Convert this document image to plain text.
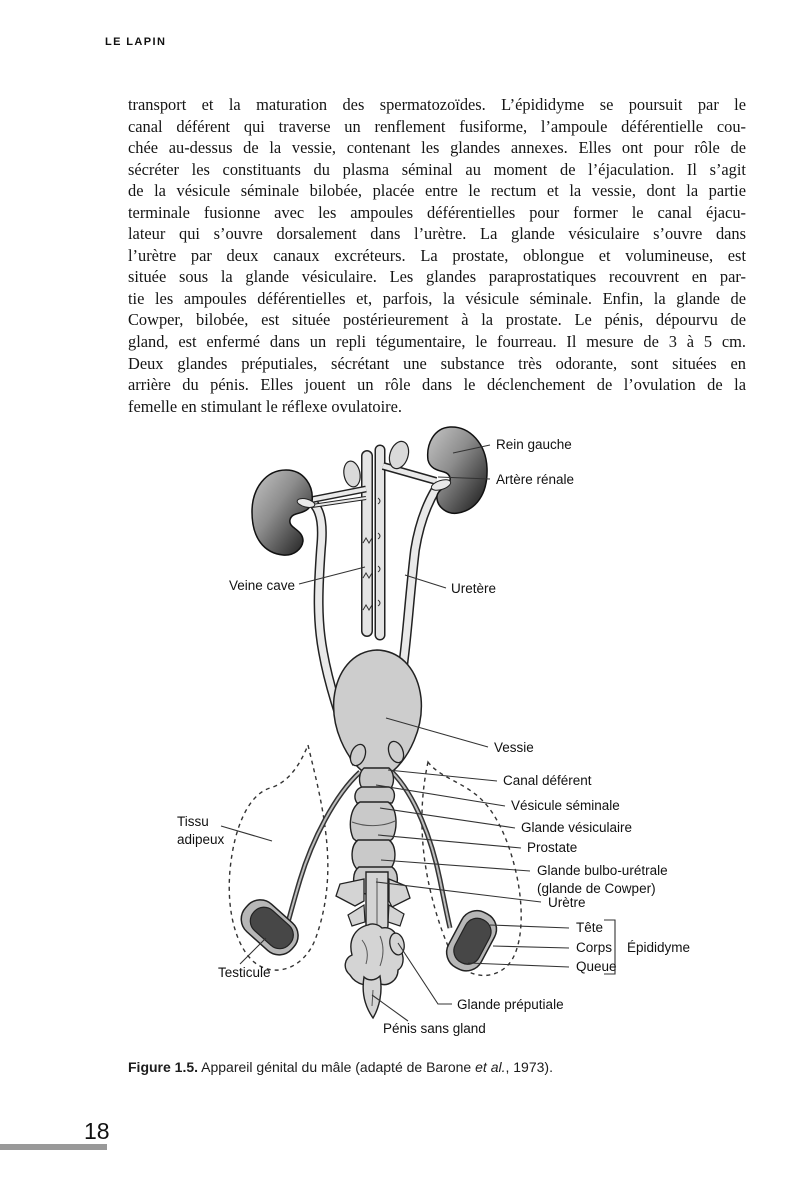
LE LAPIN
transport et la maturation des spermatozoïdes. L’épididyme se poursuit par le
canal déférent qui traverse un renflement fusiforme, l’ampoule déférentielle cou-
chée au-dessus de la vessie, contenant les glandes annexes. Elles ont pour rôle de
sécréter les constituants du plasma séminal au moment de l’éjaculation. Il s’agit
de la vésicule séminale bilobée, placée entre le rectum et la vessie, dont la partie
terminale fusionne avec les ampoules déférentielles pour former le canal éjacu-
lateur qui s’ouvre dorsalement dans l’urètre. La glande vésiculaire s’ouvre dans
l’urètre par deux canaux excréteurs. La prostate, oblongue et volumineuse, est
située sous la glande vésiculaire. Les glandes paraprostatiques recouvrent en par-
tie les ampoules déférentielles et, parfois, la vésicule séminale. Enfin, la glande de
Cowper, bilobée, est située postérieurement à la prostate. Le pénis, dépourvu de
gland, est enfermé dans un repli tégumentaire, le fourreau. Il mesure de 3 à 5 cm.
Deux glandes préputiales, sécrétant une substance très odorante, sont situées en
arrière du pénis. Elles jouent un rôle dans le déclenchement de l’ovulation de la
femelle en stimulant le réflexe ovulatoire.
Rein gauche
Artère rénale
Veine cave	Uretère
Vessie
Canal déférent
Vésicule séminale
Glande vésiculaire
Prostate
Glande bulbo-urétrale
(glande de Cowper)
Urètre
Tête
Corps
Queue
Épididyme
Tissu
adipeux
Testicule
Glande préputiale
Pénis sans gland
Figure 1.5. Appareil génital du mâle (adapté de Barone et al., 1973).
18
